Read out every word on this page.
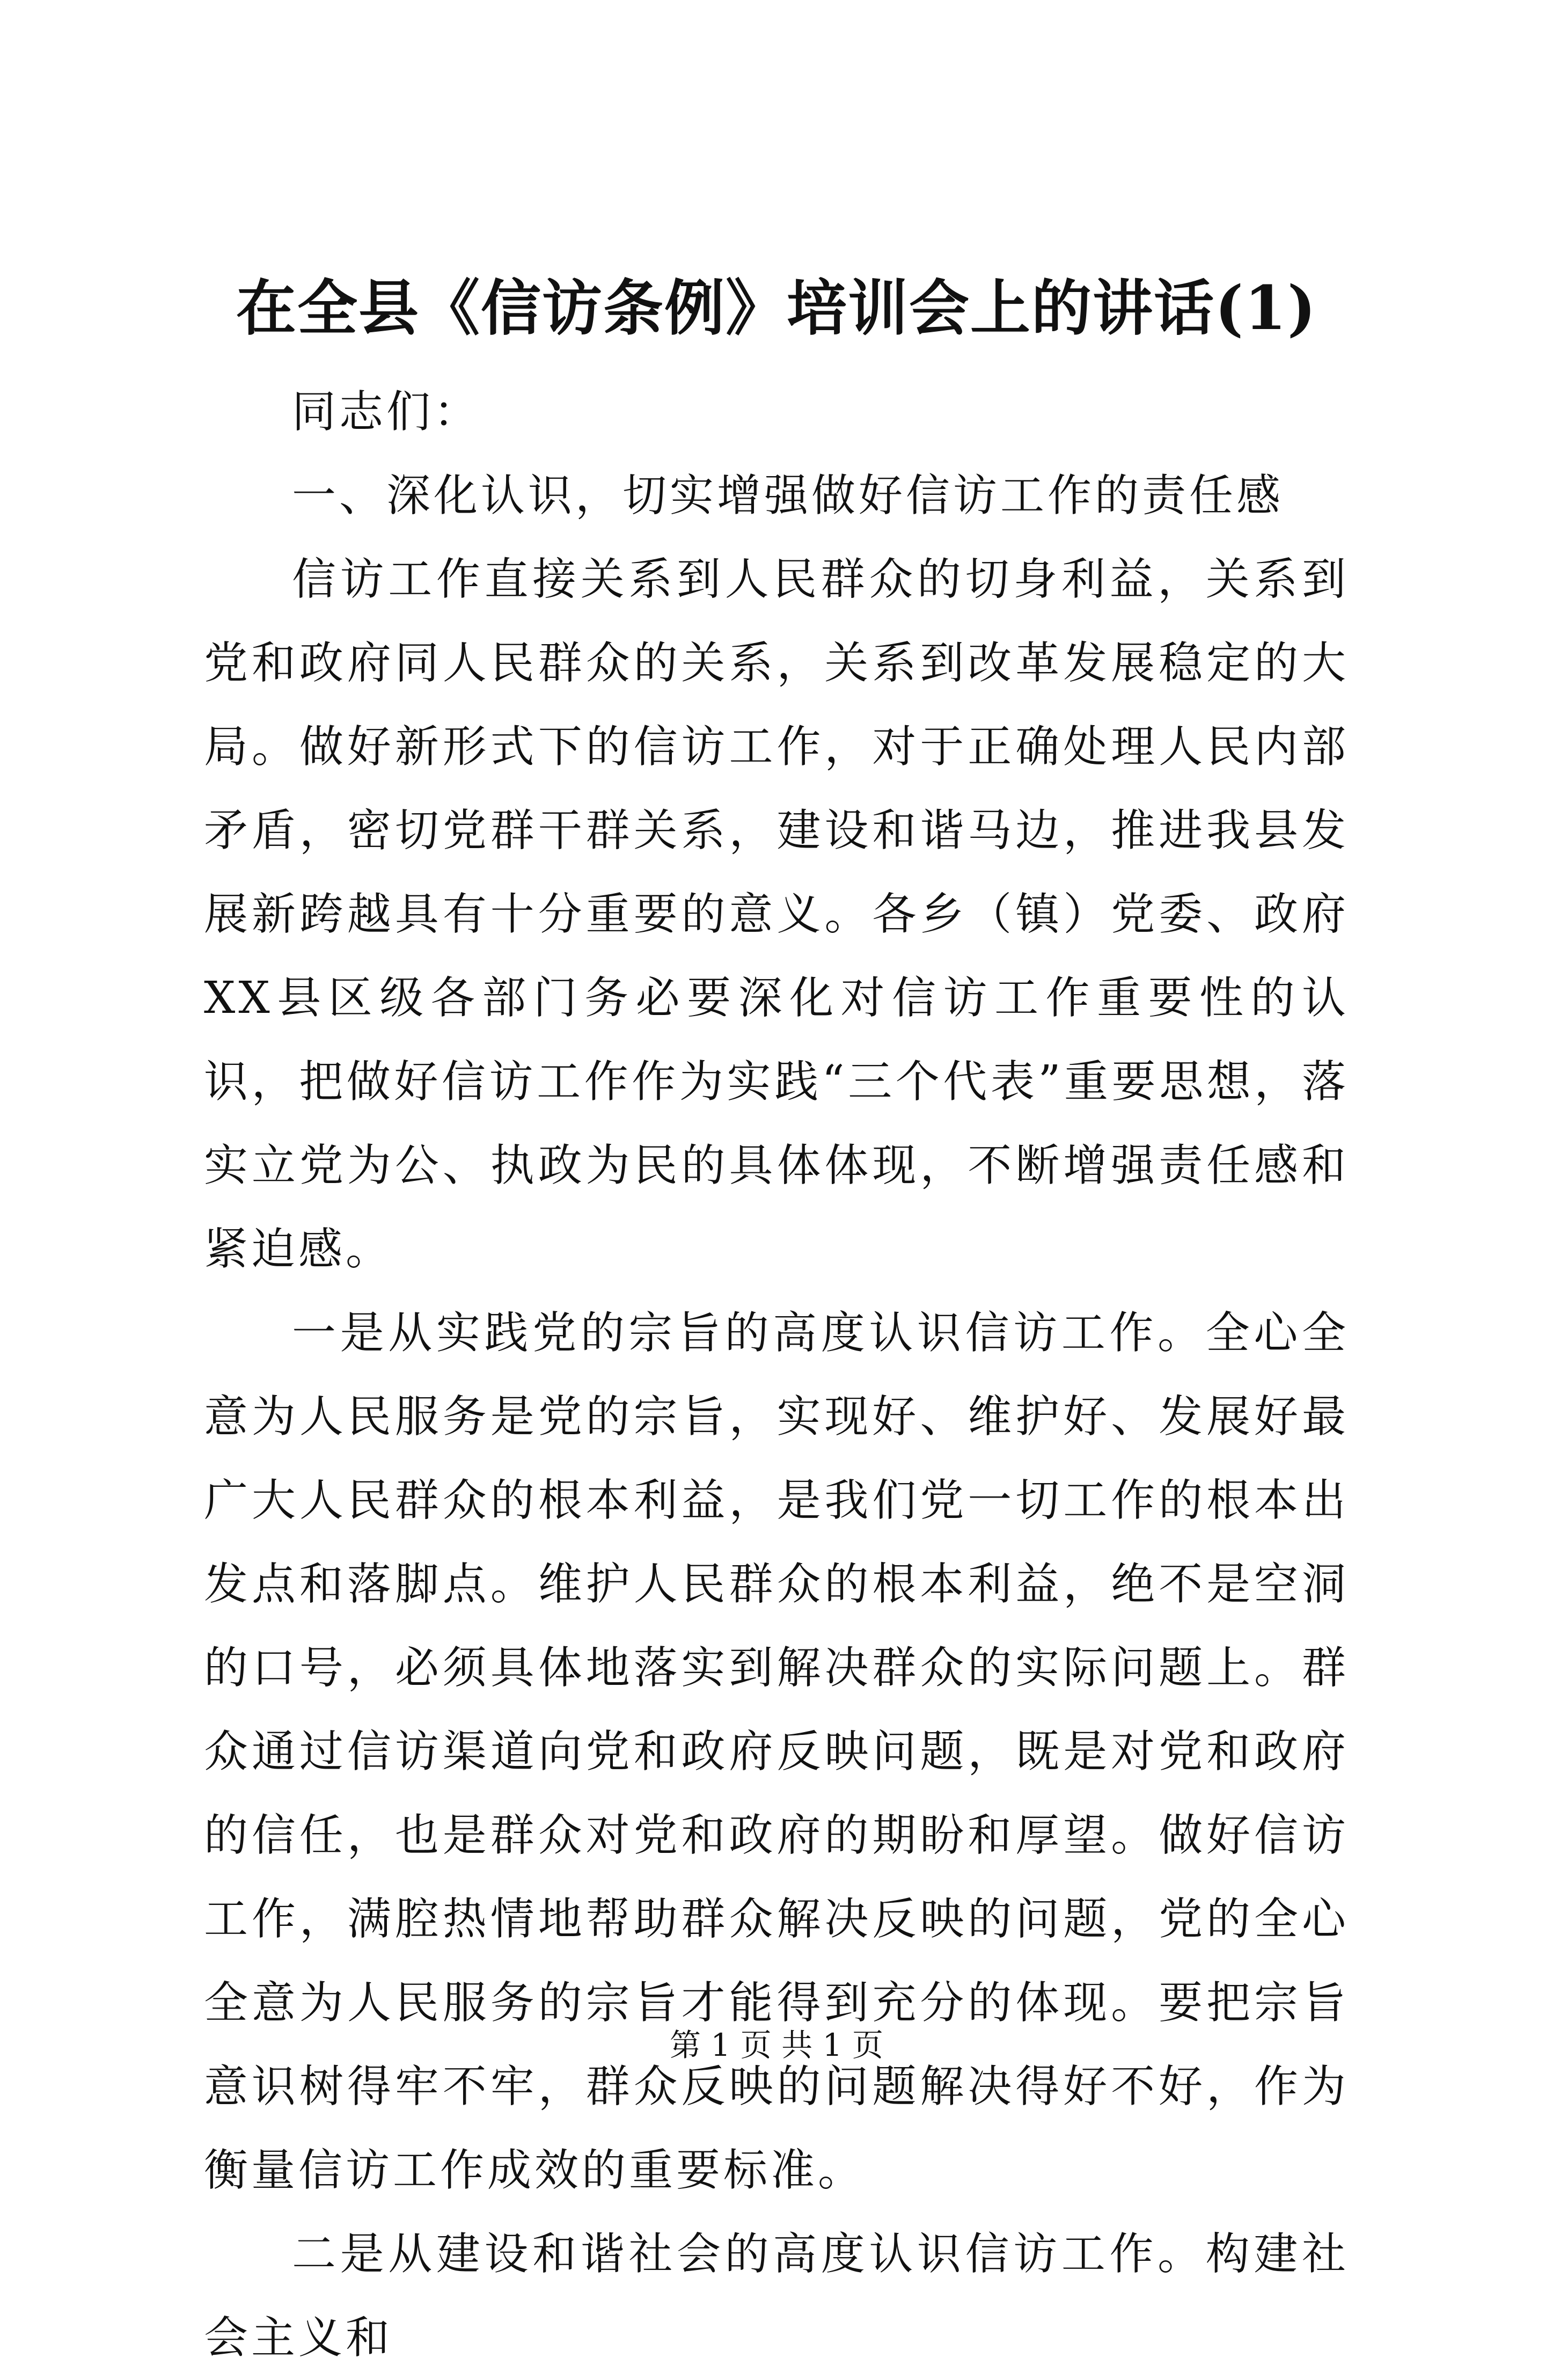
在全县《信访条例》培训会上的讲话(1)

同志们：

一、深化认识，切实增强做好信访工作的责任感

信访工作直接关系到人民群众的切身利益，关系到党和政府同人民群众的关系，关系到改革发展稳定的大局。做好新形式下的信访工作，对于正确处理人民内部矛盾，密切党群干群关系，建设和谐马边，推进我县发展新跨越具有十分重要的意义。各乡（镇）党委、政府XX县区级各部门务必要深化对信访工作重要性的认识，把做好信访工作作为实践“三个代表”重要思想，落实立党为公、执政为民的具体体现，不断增强责任感和紧迫感。

一是从实践党的宗旨的高度认识信访工作。全心全意为人民服务是党的宗旨，实现好、维护好、发展好最广大人民群众的根本利益，是我们党一切工作的根本出发点和落脚点。维护人民群众的根本利益，绝不是空洞的口号，必须具体地落实到解决群众的实际问题上。群众通过信访渠道向党和政府反映问题，既是对党和政府的信任，也是群众对党和政府的期盼和厚望。做好信访工作，满腔热情地帮助群众解决反映的问题，党的全心全意为人民服务的宗旨才能得到充分的体现。要把宗旨意识树得牢不牢，群众反映的问题解决得好不好，作为衡量信访工作成效的重要标准。

二是从建设和谐社会的高度认识信访工作。构建社会主义和

第 1 页 共 1 页
